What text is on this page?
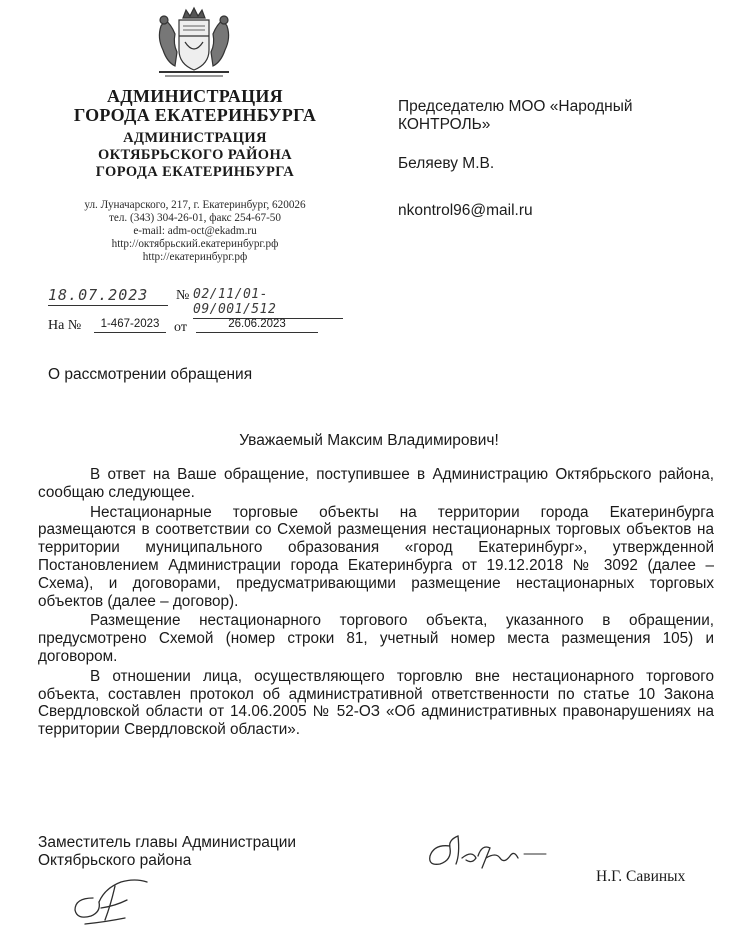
АДМИНИСТРАЦИЯ
ГОРОДА ЕКАТЕРИНБУРГА
АДМИНИСТРАЦИЯ
ОКТЯБРЬСКОГО РАЙОНА
ГОРОДА ЕКАТЕРИНБУРГА
ул. Луначарского, 217, г. Екатеринбург, 620026
тел. (343) 304-26-01, факс 254-67-50
e-mail: adm-oct@ekadm.ru
http://октябрьский.екатеринбург.рф
http://екатеринбург.рф
Председателю МОО «Народный КОНТРОЛЬ»
Беляеву М.В.
nkontrol96@mail.ru
18.07.2023	№ 02/11/01-09/001/512
На №	1-467-2023	от	26.06.2023
О рассмотрении обращения
Уважаемый Максим Владимирович!

В ответ на Ваше обращение, поступившее в Администрацию Октябрьского района, сообщаю следующее.

Нестационарные торговые объекты на территории города Екатеринбурга размещаются в соответствии со Схемой размещения нестационарных торговых объектов на территории муниципального образования «город Екатеринбург», утвержденной Постановлением Администрации города Екатеринбурга от 19.12.2018 № 3092 (далее – Схема), и договорами, предусматривающими размещение нестационарных торговых объектов (далее – договор).

Размещение нестационарного торгового объекта, указанного в обращении, предусмотрено Схемой (номер строки 81, учетный номер места размещения 105) и договором.

В отношении лица, осуществляющего торговлю вне нестационарного торгового объекта, составлен протокол об административной ответственности по статье 10 Закона Свердловской области от 14.06.2005 № 52-ОЗ «Об административных правонарушениях на территории Свердловской области».

Заместитель главы Администрации
Октябрьского района
Н.Г. Савиных
